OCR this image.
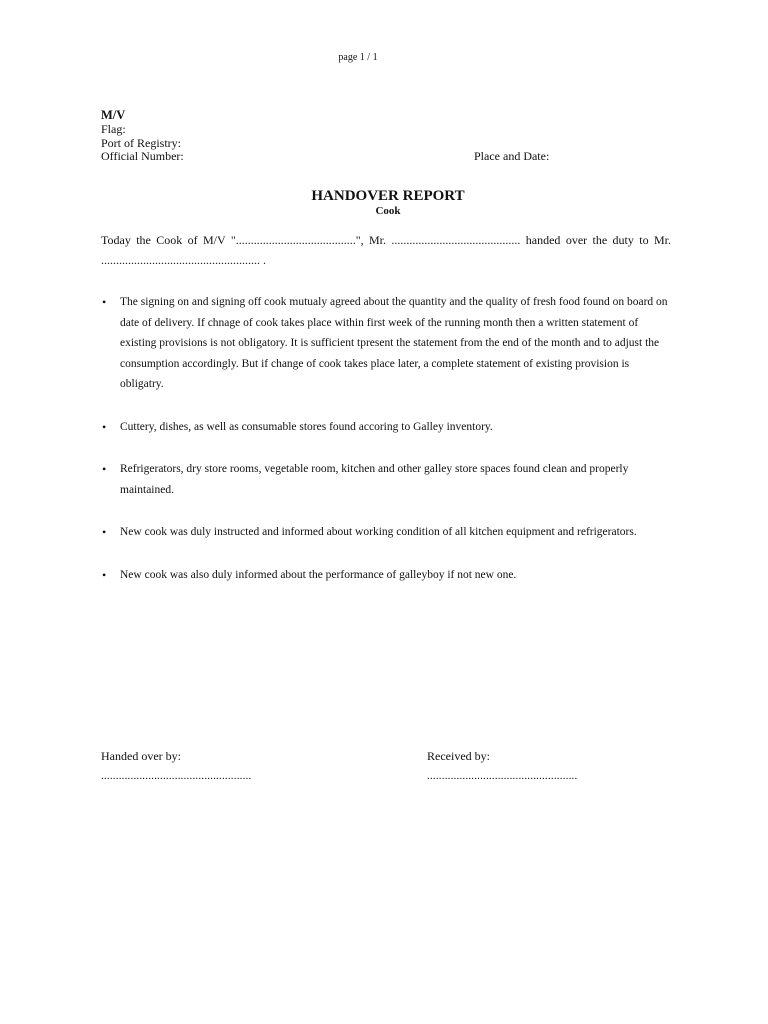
page 1 / 1
M/V
Flag:
Port of Registry:
Official Number:	Place and Date:
HANDOVER REPORT
Cook
Today the Cook of M/V "........................................", Mr. ........................................... handed over the duty to Mr. ..................................................... .
• The signing on and signing off cook mutualy agreed about the quantity and the quality of fresh food found on board on date of delivery. If chnage of cook takes place within first week of the running month then a written statement of existing provisions is not obligatory. It is sufficient tpresent the statement from the end of the month and to adjust the consumption accordingly. But if change of cook takes place later, a complete statement of existing provision is obligatry.
• Cuttery, dishes, as well as consumable stores found accoring to Galley inventory.
• Refrigerators, dry store rooms, vegetable room, kitchen and other galley store spaces found clean and properly maintained.
• New cook was duly instructed and informed about working condition of all kitchen equipment and refrigerators.
• New cook was also duly informed about the performance of galleyboy if not new one.
Handed over by:
...................................................
Received by:
...................................................
